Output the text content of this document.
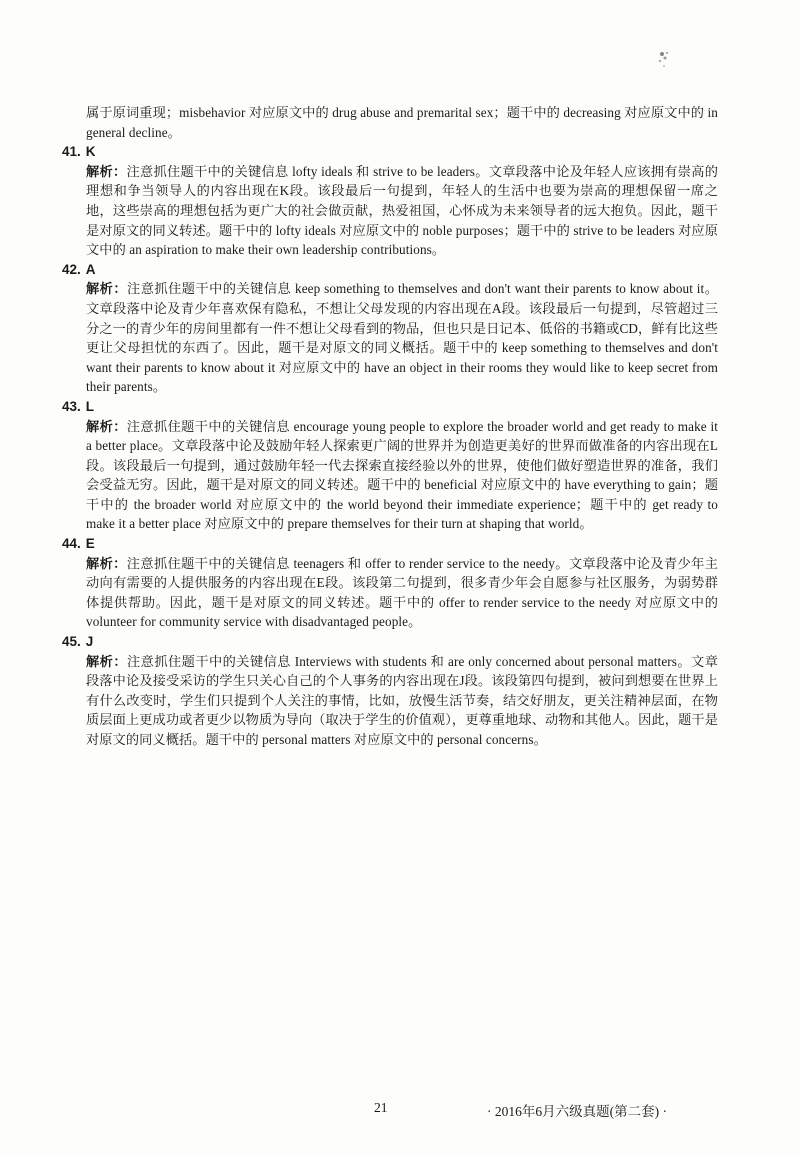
属于原词重现；misbehavior 对应原文中的 drug abuse and premarital sex；题干中的 decreasing 对应原文中的 in general decline。

41. K

解析：注意抓住题干中的关键信息 lofty ideals 和 strive to be leaders。文章段落中论及年轻人应该拥有崇高的理想和争当领导人的内容出现在K段。该段最后一句提到，年轻人的生活中也要为崇高的理想保留一席之地，这些崇高的理想包括为更广大的社会做贡献，热爱祖国，心怀成为未来领导者的远大抱负。因此，题干是对原文的同义转述。题干中的 lofty ideals 对应原文中的 noble purposes；题干中的 strive to be leaders 对应原文中的 an aspiration to make their own leadership contributions。

42. A

解析：注意抓住题干中的关键信息 keep something to themselves and don't want their parents to know about it。文章段落中论及青少年喜欢保有隐私，不想让父母发现的内容出现在A段。该段最后一句提到，尽管超过三分之一的青少年的房间里都有一件不想让父母看到的物品，但也只是日记本、低俗的书籍或CD，鲜有比这些更让父母担忧的东西了。因此，题干是对原文的同义概括。题干中的 keep something to themselves and don't want their parents to know about it 对应原文中的 have an object in their rooms they would like to keep secret from their parents。

43. L

解析：注意抓住题干中的关键信息 encourage young people to explore the broader world and get ready to make it a better place。文章段落中论及鼓励年轻人探索更广阔的世界并为创造更美好的世界而做准备的内容出现在L段。该段最后一句提到，通过鼓励年轻一代去探索直接经验以外的世界，使他们做好塑造世界的准备，我们会受益无穷。因此，题干是对原文的同义转述。题干中的 beneficial 对应原文中的 have everything to gain；题干中的 the broader world 对应原文中的 the world beyond their immediate experience；题干中的 get ready to make it a better place 对应原文中的 prepare themselves for their turn at shaping that world。

44. E

解析：注意抓住题干中的关键信息 teenagers 和 offer to render service to the needy。文章段落中论及青少年主动向有需要的人提供服务的内容出现在E段。该段第二句提到，很多青少年会自愿参与社区服务，为弱势群体提供帮助。因此，题干是对原文的同义转述。题干中的 offer to render service to the needy 对应原文中的 volunteer for community service with disadvantaged people。

45. J

解析：注意抓住题干中的关键信息 Interviews with students 和 are only concerned about personal matters。文章段落中论及接受采访的学生只关心自己的个人事务的内容出现在J段。该段第四句提到，被问到想要在世界上有什么改变时，学生们只提到个人关注的事情，比如，放慢生活节奏，结交好朋友，更关注精神层面，在物质层面上更成功或者更少以物质为导向（取决于学生的价值观），更尊重地球、动物和其他人。因此，题干是对原文的同义概括。题干中的 personal matters 对应原文中的 personal concerns。

21	· 2016年6月六级真题(第二套) ·
